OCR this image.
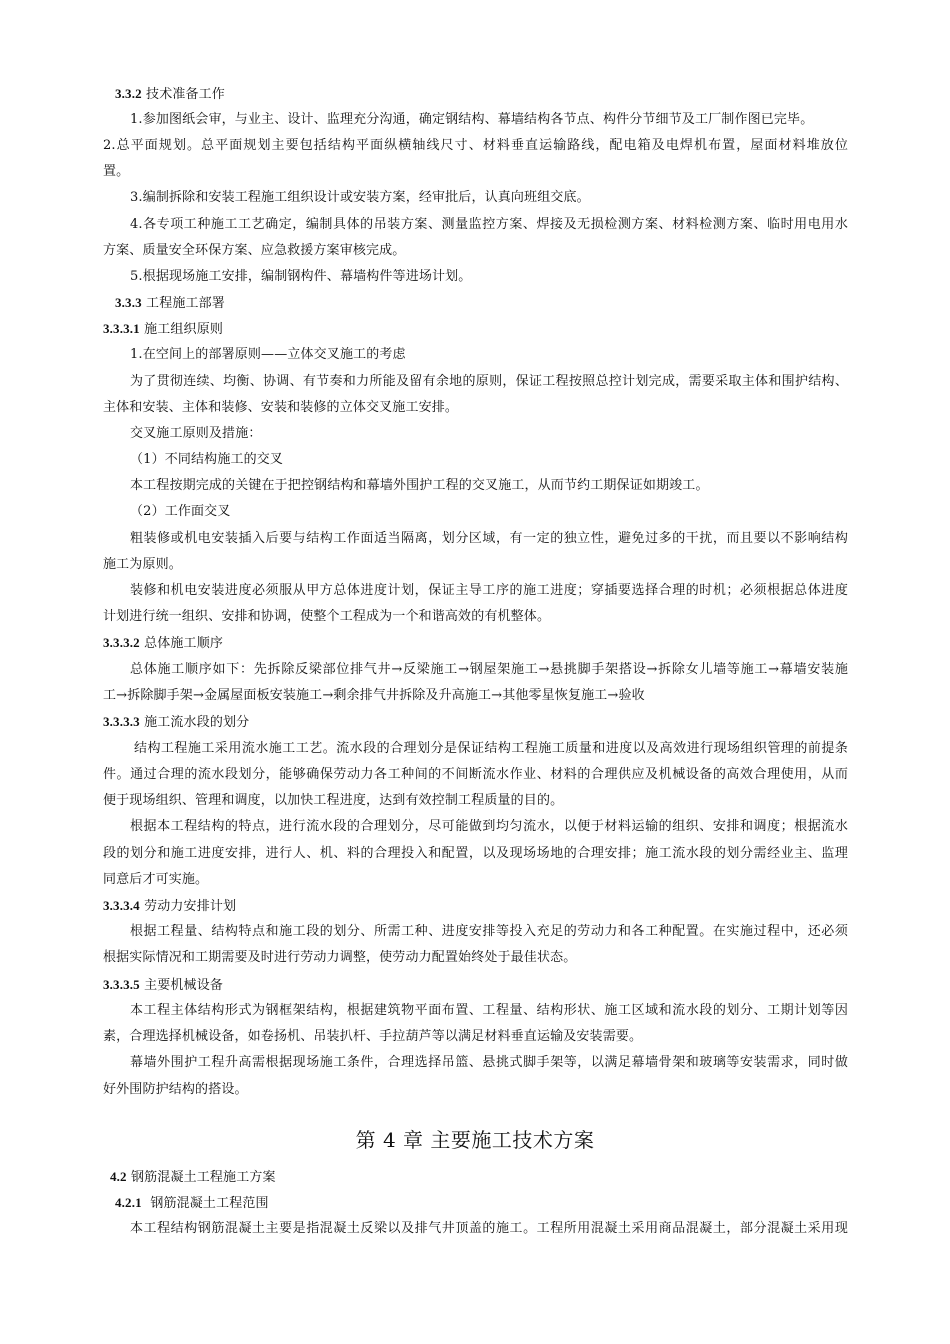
3.3.2 技术准备工作
1.参加图纸会审，与业主、设计、监理充分沟通，确定钢结构、幕墙结构各节点、构件分节细节及工厂制作图已完毕。
2.总平面规划。总平面规划主要包括结构平面纵横轴线尺寸、材料垂直运输路线，配电箱及电焊机布置，屋面材料堆放位
置。
3.编制拆除和安装工程施工组织设计或安装方案，经审批后，认真向班组交底。
4.各专项工种施工工艺确定，编制具体的吊装方案、测量监控方案、焊接及无损检测方案、材料检测方案、临时用电用水
方案、质量安全环保方案、应急救援方案审核完成。
5.根据现场施工安排，编制钢构件、幕墙构件等进场计划。
3.3.3 工程施工部署
3.3.3.1 施工组织原则
1.在空间上的部署原则——立体交叉施工的考虑
为了贯彻连续、均衡、协调、有节奏和力所能及留有余地的原则，保证工程按照总控计划完成，需要采取主体和围护结构、
主体和安装、主体和装修、安装和装修的立体交叉施工安排。
交叉施工原则及措施：
（1）不同结构施工的交叉
本工程按期完成的关键在于把控钢结构和幕墙外围护工程的交叉施工，从而节约工期保证如期竣工。
（2）工作面交叉
粗装修或机电安装插入后要与结构工作面适当隔离，划分区域，有一定的独立性，避免过多的干扰，而且要以不影响结构
施工为原则。
装修和机电安装进度必须服从甲方总体进度计划，保证主导工序的施工进度；穿插要选择合理的时机；必须根据总体进度
计划进行统一组织、安排和协调，使整个工程成为一个和谐高效的有机整体。
3.3.3.2 总体施工顺序
总体施工顺序如下：先拆除反梁部位排气井→反梁施工→钢屋架施工→悬挑脚手架搭设→拆除女儿墙等施工→幕墙安装施
工→拆除脚手架→金属屋面板安装施工→剩余排气井拆除及升高施工→其他零星恢复施工→验收
3.3.3.3 施工流水段的划分
结构工程施工采用流水施工工艺。流水段的合理划分是保证结构工程施工质量和进度以及高效进行现场组织管理的前提条
件。通过合理的流水段划分，能够确保劳动力各工种间的不间断流水作业、材料的合理供应及机械设备的高效合理使用，从而
便于现场组织、管理和调度，以加快工程进度，达到有效控制工程质量的目的。
根据本工程结构的特点，进行流水段的合理划分，尽可能做到均匀流水，以便于材料运输的组织、安排和调度；根据流水
段的划分和施工进度安排，进行人、机、料的合理投入和配置，以及现场场地的合理安排；施工流水段的划分需经业主、监理
同意后才可实施。
3.3.3.4 劳动力安排计划
根据工程量、结构特点和施工段的划分、所需工种、进度安排等投入充足的劳动力和各工种配置。在实施过程中，还必须
根据实际情况和工期需要及时进行劳动力调整，使劳动力配置始终处于最佳状态。
3.3.3.5 主要机械设备
本工程主体结构形式为钢框架结构，根据建筑物平面布置、工程量、结构形状、施工区域和流水段的划分、工期计划等因
素，合理选择机械设备，如卷扬机、吊装扒杆、手拉葫芦等以满足材料垂直运输及安装需要。
幕墙外围护工程升高需根据现场施工条件，合理选择吊篮、悬挑式脚手架等，以满足幕墙骨架和玻璃等安装需求，同时做
好外围防护结构的搭设。
第 4 章 主要施工技术方案
4.2 钢筋混凝土工程施工方案
4.2.1 钢筋混凝土工程范围
本工程结构钢筋混凝土主要是指混凝土反梁以及排气井顶盖的施工。工程所用混凝土采用商品混凝土，部分混凝土采用现
